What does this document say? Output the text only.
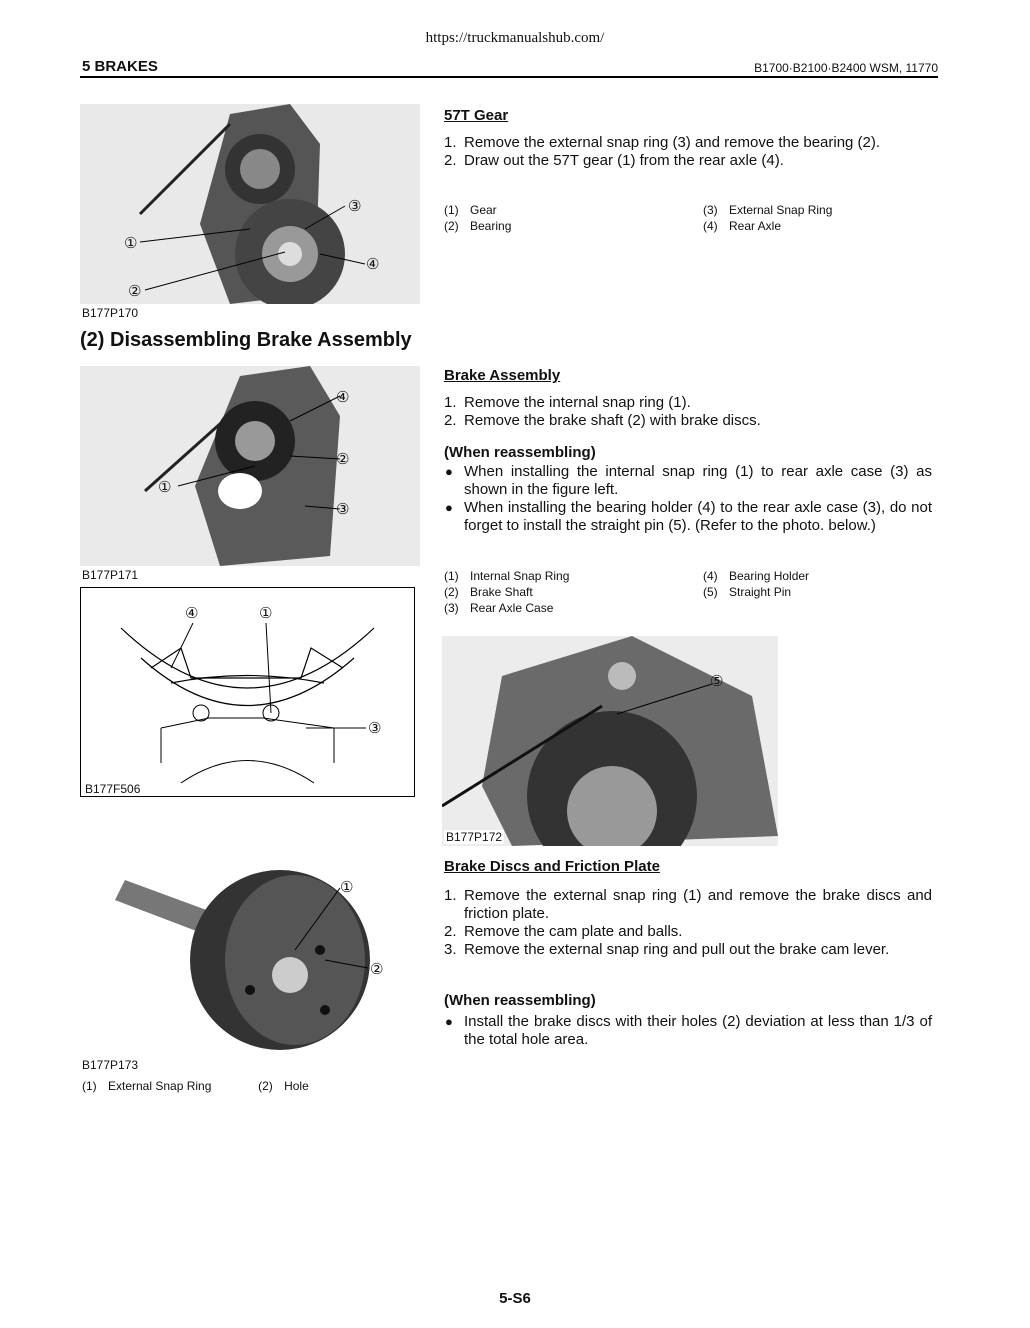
https://truckmanualshub.com/
5 BRAKES	B1700·B2100·B2400 WSM, 11770
①
②
③
④
B177P170
57T Gear
1. Remove the external snap ring (3) and remove the bearing (2).
2. Draw out the 57T gear (1) from the rear axle (4).
(1) Gear
(2) Bearing
(3) External Snap Ring
(4) Rear Axle
(2) Disassembling Brake Assembly
①
②
③
④
B177P171
④	①
③
B177F506
Brake Assembly
1. Remove the internal snap ring (1).
2. Remove the brake shaft (2) with brake discs.
(When reassembling)
● When installing the internal snap ring (1) to rear axle case (3) as shown in the figure left.
● When installing the bearing holder (4) to the rear axle case (3), do not forget to install the straight pin (5). (Refer to the photo. below.)
(1) Internal Snap Ring
(2) Brake Shaft
(3) Rear Axle Case
(4) Bearing Holder
(5) Straight Pin
⑤
B177P172
Brake Discs and Friction Plate
1. Remove the external snap ring (1) and remove the brake discs and friction plate.
2. Remove the cam plate and balls.
3. Remove the external snap ring and pull out the brake cam lever.
(When reassembling)
● Install the brake discs with their holes (2) deviation at less than 1/3 of the total hole area.
①
②
B177P173
(1) External Snap Ring	(2) Hole
5-S6
